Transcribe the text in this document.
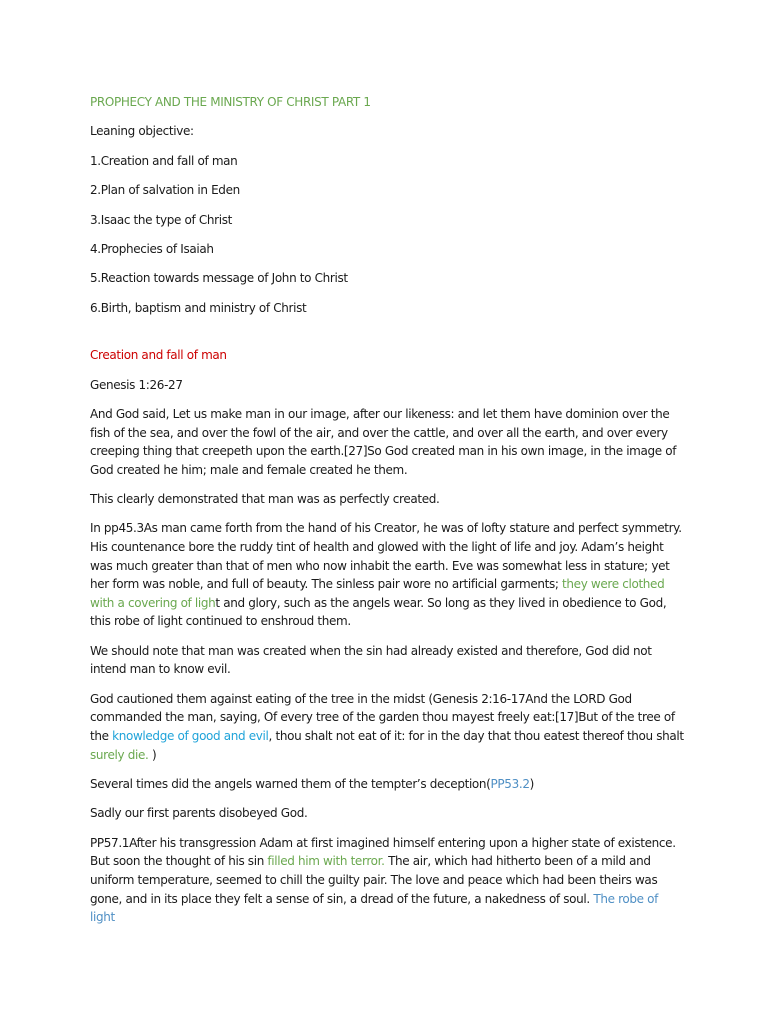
PROPHECY AND THE MINISTRY OF CHRIST PART 1

Leaning objective:

1.Creation and fall of man

2.Plan of salvation in Eden

3.Isaac the type of Christ

4.Prophecies of Isaiah

5.Reaction towards message of John to Christ

6.Birth, baptism and ministry of Christ

Creation and fall of man

Genesis 1:26-27

And God said, Let us make man in our image, after our likeness: and let them have dominion over the fish of the sea, and over the fowl of the air, and over the cattle, and over all the earth, and over every creeping thing that creepeth upon the earth.[27]So God created man in his own image, in the image of God created he him; male and female created he them.

This clearly demonstrated that man was as perfectly created.

In pp45.3As man came forth from the hand of his Creator, he was of lofty stature and perfect symmetry. His countenance bore the ruddy tint of health and glowed with the light of life and joy. Adam’s height was much greater than that of men who now inhabit the earth. Eve was somewhat less in stature; yet her form was noble, and full of beauty. The sinless pair wore no artificial garments; they were clothed with a covering of light and glory, such as the angels wear. So long as they lived in obedience to God, this robe of light continued to enshroud them.

We should note that man was created when the sin had already existed and therefore, God did not intend man to know evil.

God cautioned them against eating of the tree in the midst (Genesis 2:16-17And the LORD God commanded the man, saying, Of every tree of the garden thou mayest freely eat:[17]But of the tree of the knowledge of good and evil, thou shalt not eat of it: for in the day that thou eatest thereof thou shalt surely die. )

Several times did the angels warned them of the tempter’s deception(PP53.2)

Sadly our first parents disobeyed God.

PP57.1After his transgression Adam at first imagined himself entering upon a higher state of existence. But soon the thought of his sin filled him with terror. The air, which had hitherto been of a mild and uniform temperature, seemed to chill the guilty pair. The love and peace which had been theirs was gone, and in its place they felt a sense of sin, a dread of the future, a nakedness of soul. The robe of light
